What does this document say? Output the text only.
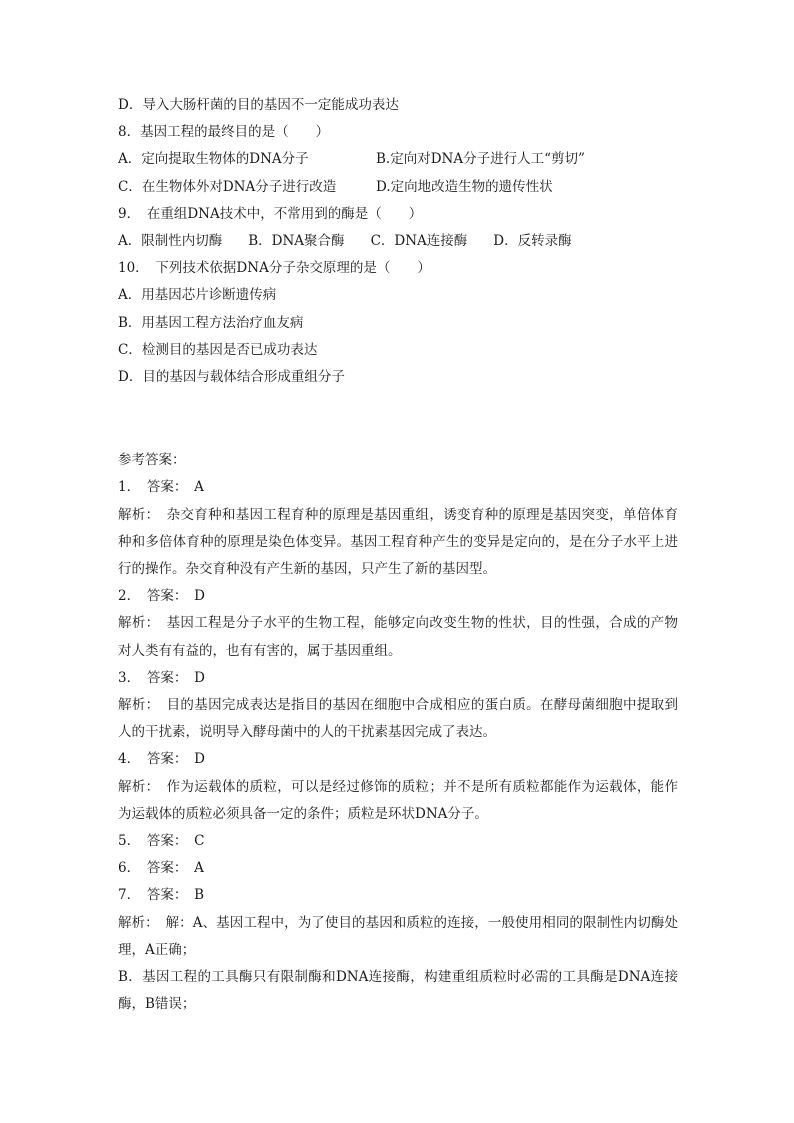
D．导入大肠杆菌的目的基因不一定能成功表达
8．基因工程的最终目的是（　　）
A．定向提取生物体的DNA分子	B.定向对DNA分子进行人工“剪切”
C．在生物体外对DNA分子进行改造	D.定向地改造生物的遗传性状
9．　在重组DNA技术中，不常用到的酶是（　　）
A．限制性内切酶 B．DNA聚合酶 C．DNA连接酶 D．反转录酶
10．　下列技术依据DNA分子杂交原理的是（　　）
A．用基因芯片诊断遗传病
B．用基因工程方法治疗血友病
C．检测目的基因是否已成功表达
D．目的基因与载体结合形成重组分子
参考答案：
1．　答案：　A
解析：　杂交育种和基因工程育种的原理是基因重组，诱变育种的原理是基因突变，单倍体育种和多倍体育种的原理是染色体变异。基因工程育种产生的变异是定向的，是在分子水平上进行的操作。杂交育种没有产生新的基因，只产生了新的基因型。
2．　答案：　D
解析：　基因工程是分子水平的生物工程，能够定向改变生物的性状，目的性强，合成的产物对人类有有益的，也有有害的，属于基因重组。
3．　答案：　D
解析：　目的基因完成表达是指目的基因在细胞中合成相应的蛋白质。在酵母菌细胞中提取到人的干扰素，说明导入酵母菌中的人的干扰素基因完成了表达。
4．　答案：　D
解析：　作为运载体的质粒，可以是经过修饰的质粒；并不是所有质粒都能作为运载体，能作为运载体的质粒必须具备一定的条件；质粒是环状DNA分子。
5．　答案：　C
6．　答案：　A
7．　答案：　B
解析：　解：A、基因工程中，为了使目的基因和质粒的连接，一般使用相同的限制性内切酶处理，A正确；
B．基因工程的工具酶只有限制酶和DNA连接酶，构建重组质粒时必需的工具酶是DNA连接酶，B错误；
